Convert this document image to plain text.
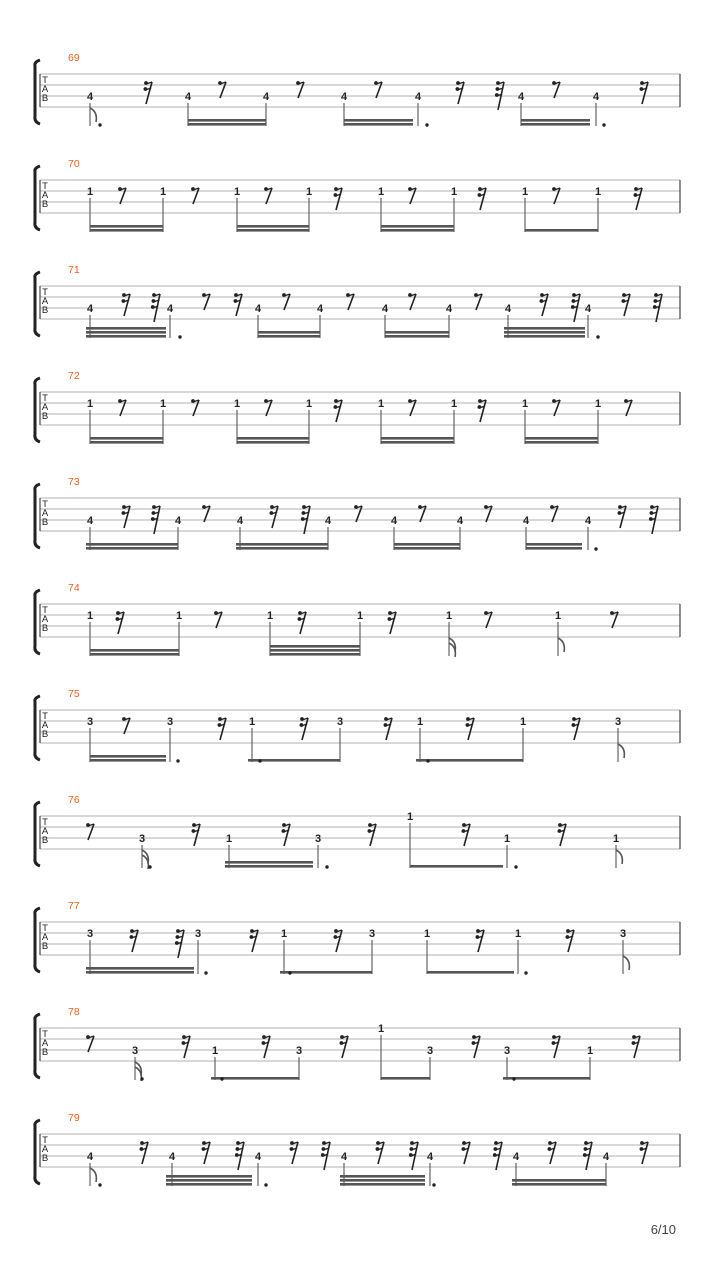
T
A
B
69
4	4	4	4	4	4	4
T
A
B
70
1	1	1	1	1	1	1	1
T
A
B
71
4	4	4	4	4	4	4	4
T
A
B
72
1	1	1	1	1	1	1	1
T
A
B
73
4	4	4	4	4	4	4	4
T
A
B
74
1	1	1	1	1	1
T
A
B
75
3	3	1	3	1	1	3
T
A
B
76
3	1	3
1
1	1
T
A
B
77
3	3	1	3	1	1	3
T
A
B
78
3	1	3
1
3	3	1
T
A
B
79
4	4	4	4	4	4	4
6/10
